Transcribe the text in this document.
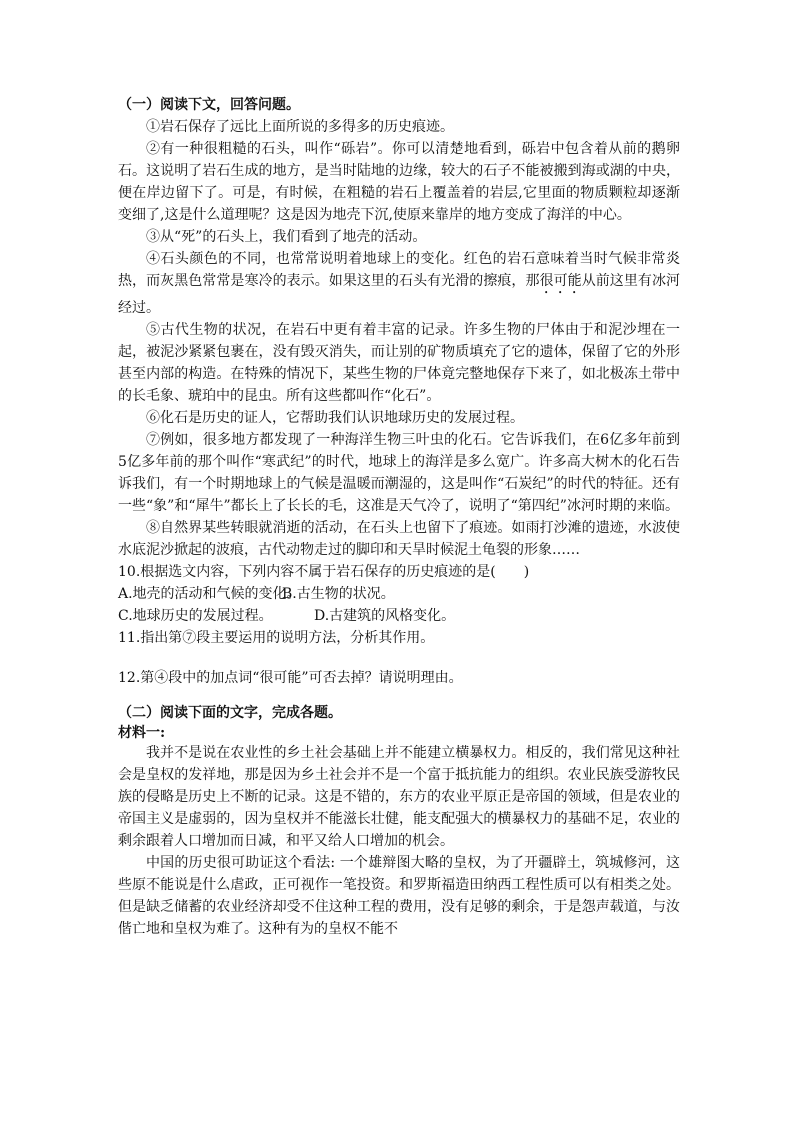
（一）阅读下文，回答问题。

①岩石保存了远比上面所说的多得多的历史痕迹。

②有一种很粗糙的石头，叫作“砾岩”。你可以清楚地看到，砾岩中包含着从前的鹅卵石。这说明了岩石生成的地方，是当时陆地的边缘，较大的石子不能被搬到海或湖的中央，便在岸边留下了。可是，有时候，在粗糙的岩石上覆盖着的岩层,它里面的物质颗粒却逐渐变细了,这是什么道理呢？这是因为地壳下沉,使原来靠岸的地方变成了海洋的中心。

③从“死”的石头上，我们看到了地壳的活动。

④石头颜色的不同，也常常说明着地球上的变化。红色的岩石意味着当时气候非常炎热，而灰黑色常常是寒冷的表示。如果这里的石头有光滑的擦痕，那很可能从前这里有冰河经过。

⑤古代生物的状况，在岩石中更有着丰富的记录。许多生物的尸体由于和泥沙埋在一起，被泥沙紧紧包裹在，没有毁灭消失，而让别的矿物质填充了它的遗体，保留了它的外形甚至内部的构造。在特殊的情况下，某些生物的尸体竟完整地保存下来了，如北极冻土带中的长毛象、琥珀中的昆虫。所有这些都叫作“化石”。

⑥化石是历史的证人，它帮助我们认识地球历史的发展过程。

⑦例如，很多地方都发现了一种海洋生物三叶虫的化石。它告诉我们，在6亿多年前到5亿多年前的那个叫作“寒武纪”的时代，地球上的海洋是多么宽广。许多高大树木的化石告诉我们，有一个时期地球上的气候是温暖而潮湿的，这是叫作“石炭纪”的时代的特征。还有一些“象”和“犀牛”都长上了长长的毛，这准是天气冷了，说明了“第四纪”冰河时期的来临。

⑧自然界某些转眼就消逝的活动，在石头上也留下了痕迹。如雨打沙滩的遗迹，水波使水底泥沙掀起的波痕，古代动物走过的脚印和天旱时候泥土龟裂的形象……

10.根据选文内容，下列内容不属于岩石保存的历史痕迹的是(　　)

A.地壳的活动和气候的变化。B.古生物的状况。

C.地球历史的发展过程。	D.古建筑的风格变化。

11.指出第⑦段主要运用的说明方法，分析其作用。

12.第④段中的加点词“很可能”可否去掉？请说明理由。

（二）阅读下面的文字，完成各题。

材料一:

我并不是说在农业性的乡土社会基础上并不能建立横暴权力。相反的，我们常见这种社会是皇权的发祥地，那是因为乡土社会并不是一个富于抵抗能力的组织。农业民族受游牧民族的侵略是历史上不断的记录。这是不错的，东方的农业平原正是帝国的领域，但是农业的帝国主义是虚弱的，因为皇权并不能滋长壮健，能支配强大的横暴权力的基础不足，农业的剩余跟着人口增加而日减，和平又给人口增加的机会。

中国的历史很可助证这个看法: 一个雄辩图大略的皇权，为了开疆辟土，筑城修河，这些原不能说是什么虐政，正可视作一笔投资。和罗斯福造田纳西工程性质可以有相类之处。但是缺乏储蓄的农业经济却受不住这种工程的费用，没有足够的剩余，于是怨声载道，与汝偕亡地和皇权为难了。这种有为的皇权不能不
